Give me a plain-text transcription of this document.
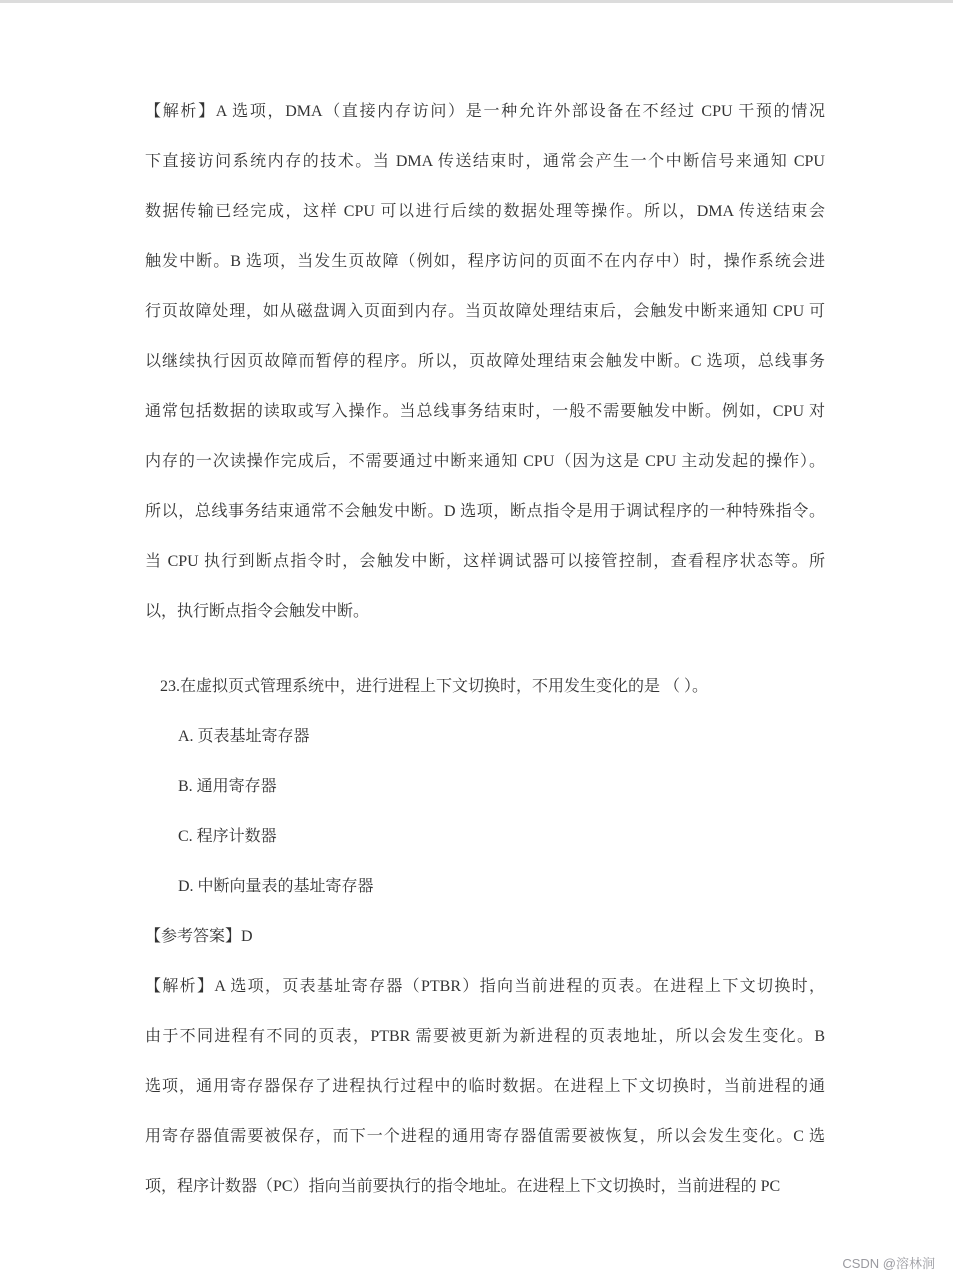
【解析】A 选项，DMA（直接内存访问）是一种允许外部设备在不经过 CPU 干预的情况
下直接访问系统内存的技术。当 DMA 传送结束时，通常会产生一个中断信号来通知 CPU
数据传输已经完成，这样 CPU 可以进行后续的数据处理等操作。所以，DMA 传送结束会
触发中断。B 选项，当发生页故障（例如，程序访问的页面不在内存中）时，操作系统会进
行页故障处理，如从磁盘调入页面到内存。当页故障处理结束后，会触发中断来通知 CPU 可
以继续执行因页故障而暂停的程序。所以，页故障处理结束会触发中断。C 选项，总线事务
通常包括数据的读取或写入操作。当总线事务结束时，一般不需要触发中断。例如，CPU 对
内存的一次读操作完成后，不需要通过中断来通知 CPU（因为这是 CPU 主动发起的操作）。
所以，总线事务结束通常不会触发中断。D 选项，断点指令是用于调试程序的一种特殊指令。
当 CPU 执行到断点指令时，会触发中断，这样调试器可以接管控制，查看程序状态等。所
以，执行断点指令会触发中断。
23.在虚拟页式管理系统中，进行进程上下文切换时，不用发生变化的是 （ ）。
A. 页表基址寄存器
B. 通用寄存器
C. 程序计数器
D. 中断向量表的基址寄存器
【参考答案】D
【解析】A 选项，页表基址寄存器（PTBR）指向当前进程的页表。在进程上下文切换时，
由于不同进程有不同的页表，PTBR 需要被更新为新进程的页表地址，所以会发生变化。B
选项，通用寄存器保存了进程执行过程中的临时数据。在进程上下文切换时，当前进程的通
用寄存器值需要被保存，而下一个进程的通用寄存器值需要被恢复，所以会发生变化。C 选
项，程序计数器（PC）指向当前要执行的指令地址。在进程上下文切换时，当前进程的 PC
CSDN @溶林涧
